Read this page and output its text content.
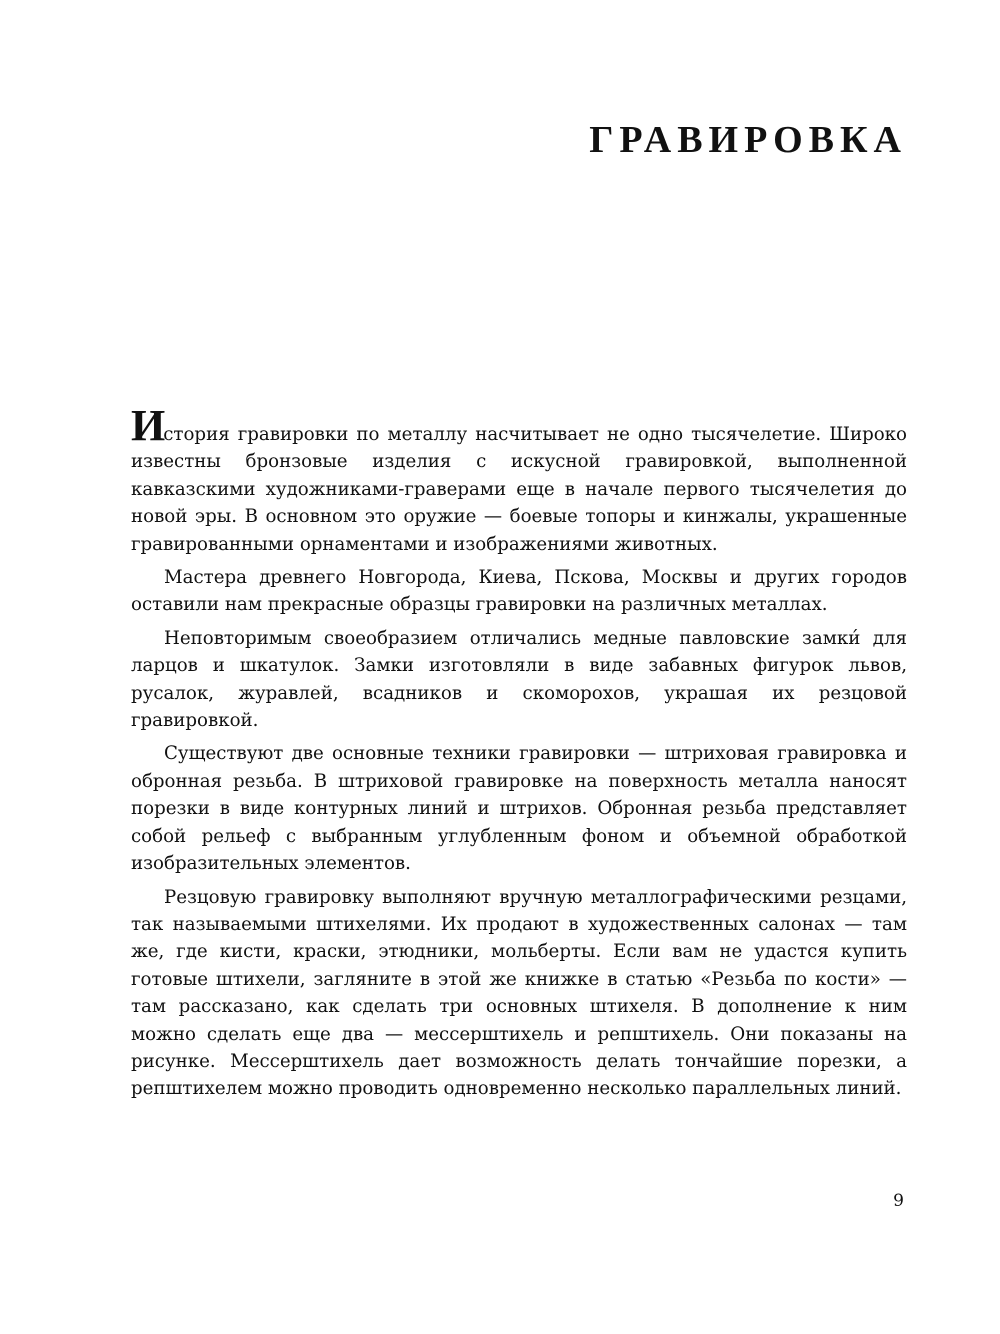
ГРАВИРОВКА

История гравировки по металлу насчитывает не одно тысячелетие. Широко известны бронзовые изделия с искусной гравировкой, выполненной кавказскими художниками-граверами еще в начале первого тысячелетия до новой эры. В основном это оружие — боевые топоры и кинжалы, украшенные гравированными орнаментами и изображениями животных.

Мастера древнего Новгорода, Киева, Пскова, Москвы и других городов оставили нам прекрасные образцы гравировки на различных металлах.

Неповторимым своеобразием отличались медные павловские замки́ для ларцов и шкатулок. Замки изготовляли в виде забавных фигурок львов, русалок, журавлей, всадников и скоморохов, украшая их резцовой гравировкой.

Существуют две основные техники гравировки — штриховая гравировка и обронная резьба. В штриховой гравировке на поверхность металла наносят порезки в виде контурных линий и штрихов. Обронная резьба представляет собой рельеф с выбранным углубленным фоном и объемной обработкой изобразительных элементов.

Резцовую гравировку выполняют вручную металлографическими резцами, так называемыми штихелями. Их продают в художественных салонах — там же, где кисти, краски, этюдники, мольберты. Если вам не удастся купить готовые штихели, загляните в этой же книжке в статью «Резьба по кости» — там рассказано, как сделать три основных штихеля. В дополнение к ним можно сделать еще два — мессерштихель и репштихель. Они показаны на рисунке. Мессерштихель дает возможность делать тончайшие порезки, а репштихелем можно проводить одновременно несколько параллельных линий.

9
